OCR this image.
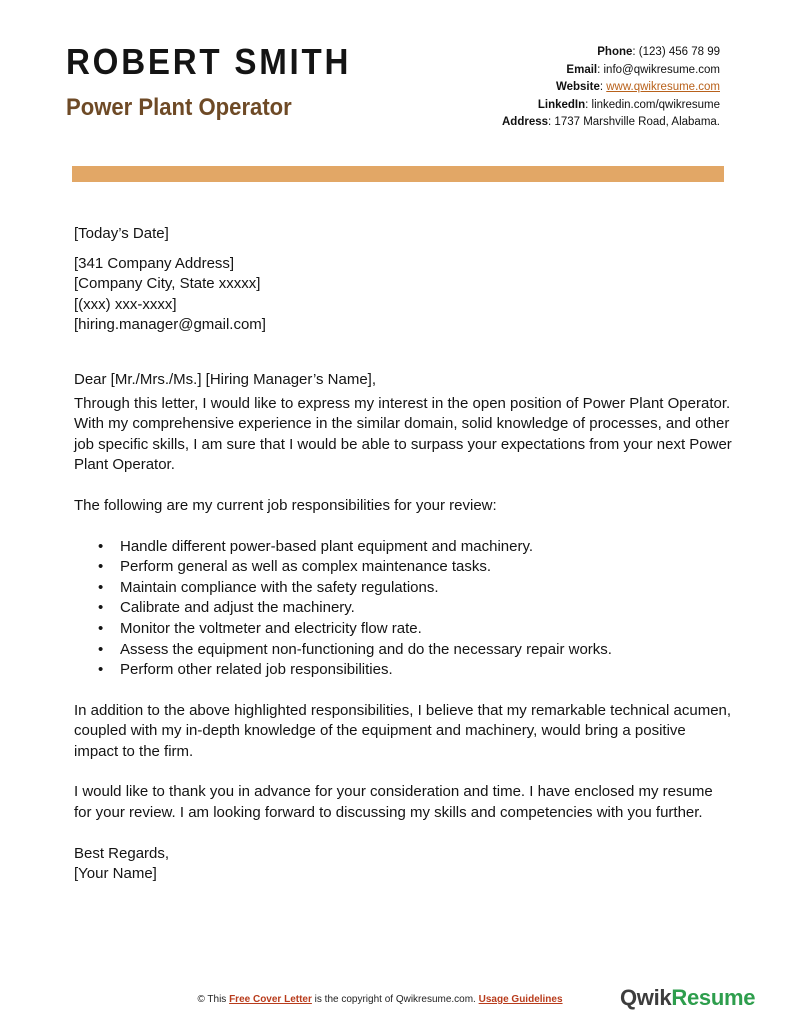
ROBERT SMITH
Power Plant Operator
Phone: (123) 456 78 99
Email: info@qwikresume.com
Website: www.qwikresume.com
LinkedIn: linkedin.com/qwikresume
Address: 1737 Marshville Road, Alabama.

[Today’s Date]

[341 Company Address]

[Company City, State xxxxx]

[(xxx) xxx-xxxx]

[hiring.manager@gmail.com]

Dear [Mr./Mrs./Ms.] [Hiring Manager’s Name],

Through this letter, I would like to express my interest in the open position of Power Plant Operator. With my comprehensive experience in the similar domain, solid knowledge of processes, and other job specific skills, I am sure that I would be able to surpass your expectations from your next Power Plant Operator.

The following are my current job responsibilities for your review:

• Handle different power-based plant equipment and machinery.
• Perform general as well as complex maintenance tasks.
• Maintain compliance with the safety regulations.
• Calibrate and adjust the machinery.
• Monitor the voltmeter and electricity flow rate.
• Assess the equipment non-functioning and do the necessary repair works.
• Perform other related job responsibilities.

In addition to the above highlighted responsibilities, I believe that my remarkable technical acumen, coupled with my in-depth knowledge of the equipment and machinery, would bring a positive impact to the firm.

I would like to thank you in advance for your consideration and time. I have enclosed my resume for your review. I am looking forward to discussing my skills and competencies with you further.

Best Regards,

[Your Name]

© This Free Cover Letter is the copyright of Qwikresume.com. Usage Guidelines	QwikResume
